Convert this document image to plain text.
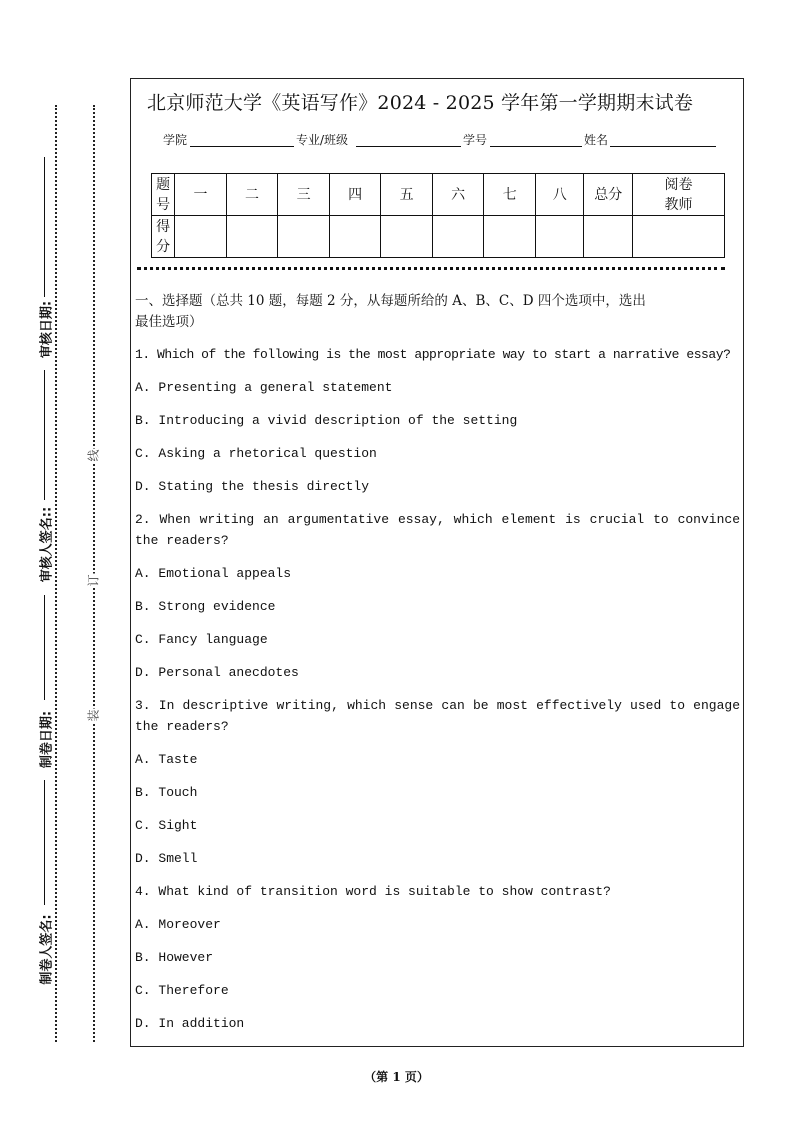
审核日期:
审核人签名::
制卷日期:
制卷人签名:
线
订
装
北京师范大学《英语写作》2024 - 2025 学年第一学期期末试卷
学院	专业/班级	学号	姓名
题号	一	二	三	四	五	六	七	八	总分	阅卷教师
得分										

一、选择题（总共 10 题，每题 2 分，从每题所给的 A、B、C、D 四个选项中，选出

最佳选项）

1. Which of the following is the most appropriate way to start a narrative essay?

A. Presenting a general statement

B. Introducing a vivid description of the setting

C. Asking a rhetorical question

D. Stating the thesis directly

2. When writing an argumentative essay, which element is crucial to convince the readers?

A. Emotional appeals

B. Strong evidence

C. Fancy language

D. Personal anecdotes

3. In descriptive writing, which sense can be most effectively used to engage the readers?

A. Taste

B. Touch

C. Sight

D. Smell

4. What kind of transition word is suitable to show contrast?

A. Moreover

B. However

C. Therefore

D. In addition

（第 1 页）
